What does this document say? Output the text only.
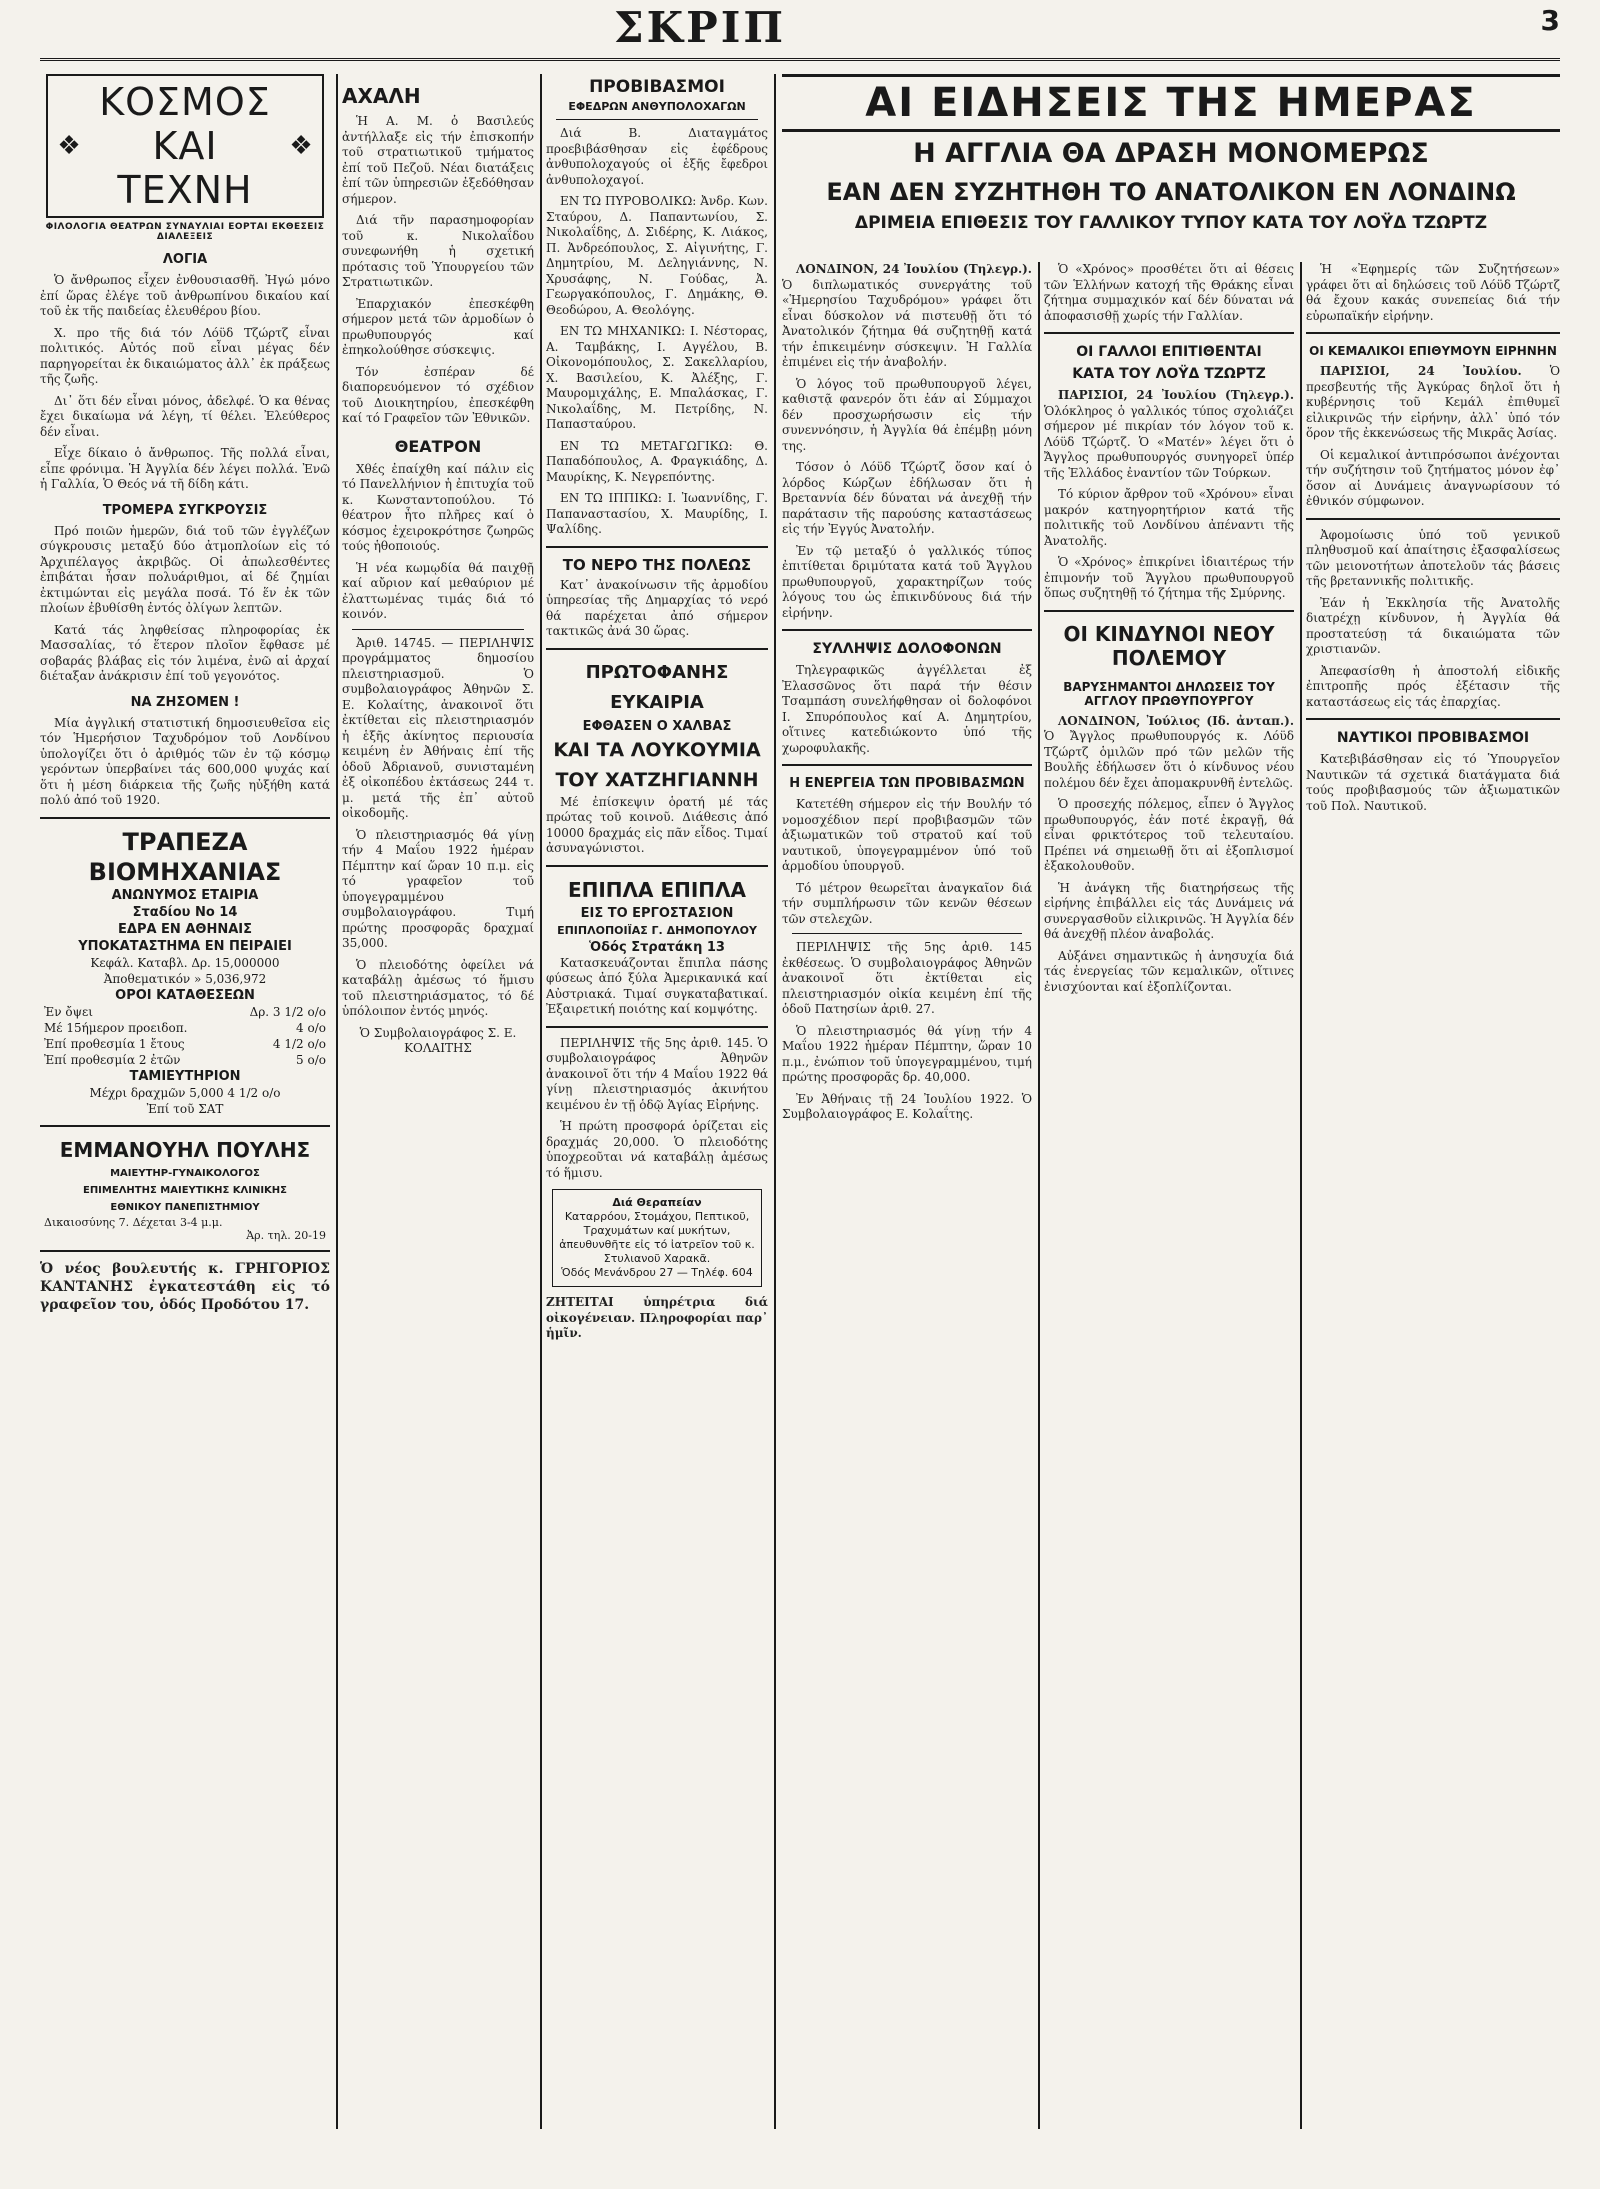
ΣΚΡΙΠ	3
❖
ΚΟΣΜΟΣ ΚΑΙ ΤΕΧΝΗ
❖
ΦΙΛΟΛΟΓΙΑ ΘΕΑΤΡΩΝ ΣΥΝΑΥΛΙΑΙ ΕΟΡΤΑΙ ΕΚΘΕΣΕΙΣ ΔΙΑΛΕΞΕΙΣ
ΛΟΓΙΑ

Ὁ ἄνθρωπος εἶχεν ἐνθουσιασθῆ. Ἠγώ μόνο ἐπί ὥρας ἐλέγε τοῦ ἀνθρωπίνου δικαίου καί τοῦ ἐκ τῆς παιδείας ἐλευθέρου βίου.

Χ. προ τῆς διά τόν Λόϋδ Τζώρτζ εἶναι πολιτικός. Αὐτός ποῦ εἶναι μέγας δέν παρηγορείται ἐκ δικαιώματος ἀλλ᾽ ἐκ πράξεως τῆς ζωῆς.

Δι᾽ ὅτι δέν εἶναι μόνος, ἀδελφέ. Ὁ κα θένας ἔχει δικαίωμα νά λέγη, τί θέλει. Ἐλεύθερος δέν εἶναι.

Εἶχε δίκαιο ὁ ἄνθρωπος. Τῆς πολλά εἶναι, εἶπε φρόνιμα. Ἡ Ἀγγλία δέν λέγει πολλά. Ἐνῶ ἡ Γαλλία, Ὁ Θεός νά τῆ δίδη κάτι.

ΤΡΟΜΕΡΑ ΣΥΓΚΡΟΥΣΙΣ

Πρό ποιῶν ἡμερῶν, διά τοῦ τῶν ἐγγλέζων σύγκρουσις μεταξύ δύο ἀτμοπλοίων εἰς τό Ἀρχιπέλαγος ἀκριβῶς. Οἱ ἀπωλεσθέντες ἐπιβάται ἦσαν πολυάριθμοι, αἱ δέ ζημίαι ἐκτιμώνται εἰς μεγάλα ποσά. Τό ἕν ἐκ τῶν πλοίων ἐβυθίσθη ἐντός ὀλίγων λεπτῶν.

Κατά τάς ληφθείσας πληροφορίας ἐκ Μασσαλίας, τό ἕτερον πλοῖον ἔφθασε μέ σοβαράς βλάβας εἰς τόν λιμένα, ἐνῶ αἱ ἀρχαί διέταξαν ἀνάκρισιν ἐπί τοῦ γεγονότος.

ΝΑ ΖΗΣΟΜΕΝ !

Μία ἀγγλική στατιστική δημοσιευθεῖσα εἰς τόν Ἡμερήσιον Ταχυδρόμον τοῦ Λονδίνου ὑπολογίζει ὅτι ὁ ἀριθμός τῶν ἐν τῷ κόσμῳ γερόντων ὑπερβαίνει τάς 600,000 ψυχάς καί ὅτι ἡ μέση διάρκεια τῆς ζωῆς ηὐξήθη κατά πολύ ἀπό τοῦ 1920.

ΤΡΑΠΕΖΑ ΒΙΟΜΗΧΑΝΙΑΣ
ΑΝΩΝΥΜΟΣ ΕΤΑΙΡΙΑ
Σταδίου Νο 14
ΕΔΡΑ ΕΝ ΑΘΗΝΑΙΣ
ΥΠΟΚΑΤΑΣΤΗΜΑ ΕΝ ΠΕΙΡΑΙΕΙ
Κεφάλ. Καταβλ. Δρ. 15,000000
Ἀποθεματικόν » 5,036,972
ΟΡΟΙ ΚΑΤΑΘΕΣΕΩΝ
Ἐν ὄψει	Δρ. 3 1/2 ο/ο
Μέ 15ήμερον προειδοπ.	4 ο/ο
Ἐπί προθεσμία 1 ἔτους	4 1/2 ο/ο
Ἐπί προθεσμία 2 ἐτῶν	5 ο/ο
ΤΑΜΙΕΥΤΗΡΙΟΝ
Μέχρι δραχμῶν 5,000 4 1/2 ο/ο
Ἐπί τοῦ ΣΑΤ
ΕΜΜΑΝΟΥΗΛ ΠΟΥΛΗΣ
ΜΑΙΕΥΤΗΡ-ΓΥΝΑΙΚΟΛΟΓΟΣ
ΕΠΙΜΕΛΗΤΗΣ ΜΑΙΕΥΤΙΚΗΣ ΚΛΙΝΙΚΗΣ
ΕΘΝΙΚΟΥ ΠΑΝΕΠΙΣΤΗΜΙΟΥ
Δικαιοσύνης 7. Δέχεται 3-4 μ.μ.
Ἀρ. τηλ. 20-19

Ὁ νέος βουλευτής κ. ΓΡΗΓΟΡΙΟΣ ΚΑΝΤΑΝΗΣ ἐγκατεστάθη εἰς τό γραφεῖον του, ὁδός Προδότου 17.

ΑΧΑΛΗ

Ἡ Α. Μ. ὁ Βασιλεύς ἀντήλλαξε εἰς τήν ἐπισκοπήν τοῦ στρατιωτικοῦ τμήματος ἐπί τοῦ Πεζοῦ. Νέαι διατάξεις ἐπί τῶν ὑπηρεσιῶν ἐξεδόθησαν σήμερον.

Διά τῆν παρασημοφορίαν τοῦ κ. Νικολαΐδου συνεφωνήθη ἡ σχετική πρότασις τοῦ Ὑπουργείου τῶν Στρατιωτικῶν.

Ἐπαρχιακόν ἐπεσκέφθη σήμερον μετά τῶν ἀρμοδίων ὁ πρωθυπουργός καί ἐπηκολούθησε σύσκεψις.

Τόν ἐσπέραν δέ διαπορευόμενον τό σχέδιον τοῦ Διοικητηρίου, ἐπεσκέφθη καί τό Γραφεῖον τῶν Ἐθνικῶν.

ΘΕΑΤΡΟΝ

Χθές ἐπαίχθη καί πάλιν εἰς τό Πανελλήνιον ἡ ἐπιτυχία τοῦ κ. Κωνσταντοπούλου. Τό θέατρον ἦτο πλῆρες καί ὁ κόσμος ἐχειροκρότησε ζωηρῶς τούς ἡθοποιούς.

Ἡ νέα κωμῳδία θά παιχθῇ καί αὔριον καί μεθαύριον μέ ἐλαττωμένας τιμάς διά τό κοινόν.

Ἀριθ. 14745. — ΠΕΡΙΛΗΨΙΣ προγράμματος δημοσίου πλειστηριασμοῦ. Ὁ συμβολαιογράφος Ἀθηνῶν Σ. Ε. Κολαίτης, ἀνακοινοῖ ὅτι ἐκτίθεται εἰς πλειστηριασμόν ἡ ἑξῆς ἀκίνητος περιουσία κειμένη ἐν Ἀθήναις ἐπί τῆς ὁδοῦ Ἀδριανοῦ, συνισταμένη ἐξ οἰκοπέδου ἐκτάσεως 244 τ. μ. μετά τῆς ἐπ᾽ αὐτοῦ οἰκοδομῆς.

Ὁ πλειστηριασμός θά γίνῃ τήν 4 Μαΐου 1922 ἡμέραν Πέμπτην καί ὥραν 10 π.μ. εἰς τό γραφεῖον τοῦ ὑπογεγραμμένου συμβολαιογράφου. Τιμή πρώτης προσφορᾶς δραχμαί 35,000.

Ὁ πλειοδότης ὀφείλει νά καταβάλῃ ἀμέσως τό ἥμισυ τοῦ πλειστηριάσματος, τό δέ ὑπόλοιπον ἐντός μηνός.

Ὁ Συμβολαιογράφος Σ. Ε. ΚΟΛΑΙΤΗΣ

ΠΡΟΒΙΒΑΣΜΟΙ
ΕΦΕΔΡΩΝ ΑΝΘΥΠΟΛΟΧΑΓΩΝ

Διά Β. Διαταγμάτος προεβιβάσθησαν εἰς ἐφέδρους ἀνθυπολοχαγούς οἱ ἑξῆς ἔφεδροι ἀνθυπολοχαγοί.

ΕΝ ΤΩ ΠΥΡΟΒΟΛΙΚΩ: Ἀνδρ. Κων. Σταύρου, Δ. Παπαντωνίου, Σ. Νικολαΐδης, Δ. Σιδέρης, Κ. Λιάκος, Π. Ἀνδρεόπουλος, Σ. Αἰγινήτης, Γ. Δημητρίου, Μ. Δεληγιάννης, Ν. Χρυσάφης, Ν. Γούδας, Ἀ. Γεωργακόπουλος, Γ. Δημάκης, Θ. Θεοδώρου, Α. Θεολόγης.

ΕΝ ΤΩ ΜΗΧΑΝΙΚΩ: Ι. Νέστορας, Α. Ταμβάκης, Ι. Αγγέλου, Β. Οἰκονομόπουλος, Σ. Σακελλαρίου, Χ. Βασιλείου, Κ. Ἀλέξης, Γ. Μαυρομιχάλης, Ε. Μπαλάσκας, Γ. Νικολαΐδης, Μ. Πετρίδης, Ν. Παπασταύρου.

ΕΝ ΤΩ ΜΕΤΑΓΩΓΙΚΩ: Θ. Παπαδόπουλος, Α. Φραγκιάδης, Δ. Μαυρίκης, Κ. Νεγρεπόντης.

ΕΝ ΤΩ ΙΠΠΙΚΩ: Ι. Ἰωαννίδης, Γ. Παπαναστασίου, Χ. Μαυρίδης, Ι. Ψαλίδης.

ΤΟ ΝΕΡΟ ΤΗΣ ΠΟΛΕΩΣ

Κατ᾽ ἀνακοίνωσιν τῆς ἀρμοδίου ὑπηρεσίας τῆς Δημαρχίας τό νερό θά παρέχεται ἀπό σήμερον τακτικῶς ἀνά 30 ὥρας.

ΠΡΩΤΟΦΑΝΗΣ ΕΥΚΑΙΡΙΑ
ΕΦΘΑΣΕΝ Ο ΧΑΛΒΑΣ
ΚΑΙ ΤΑ ΛΟΥΚΟΥΜΙΑ
ΤΟΥ ΧΑΤΖΗΓΙΑΝΝΗ

Μέ ἐπίσκεψιν ὁρατή μέ τάς πρώτας τοῦ κοινοῦ. Διάθεσις ἀπό 10000 δραχμάς εἰς πᾶν εἶδος. Τιμαί ἀσυναγώνιστοι.

ΕΠΙΠΛΑ ΕΠΙΠΛΑ
ΕΙΣ ΤΟ ΕΡΓΟΣΤΑΣΙΟΝ
ΕΠΙΠΛΟΠΟΙΪΑΣ Γ. ΔΗΜΟΠΟΥΛΟΥ
Ὁδός Στρατάκη 13

Κατασκευάζονται ἔπιπλα πάσης φύσεως ἀπό ξύλα Ἀμερικανικά καί Αὐστριακά. Τιμαί συγκαταβατικαί. Ἐξαιρετική ποιότης καί κομψότης.

ΠΕΡΙΛΗΨΙΣ τῆς 5ης ἀριθ. 145. Ὁ συμβολαιογράφος Ἀθηνῶν ἀνακοινοῖ ὅτι τήν 4 Μαΐου 1922 θά γίνῃ πλειστηριασμός ἀκινήτου κειμένου ἐν τῇ ὁδῷ Ἁγίας Εἰρήνης.

Ἡ πρώτη προσφορά ὁρίζεται εἰς δραχμάς 20,000. Ὁ πλειοδότης ὑποχρεοῦται νά καταβάλῃ ἀμέσως τό ἥμισυ.

Διά Θεραπείαν
Καταρρόου, Στομάχου, Πεπτικοῦ, Τραχυμάτων καί μυκήτων, ἀπευθυνθῆτε εἰς τό ἰατρεῖον τοῦ κ. Στυλιανοῦ Χαρακᾶ.
Ὁδός Μενάνδρου 27 — Τηλέφ. 604

ΖΗΤΕΙΤΑΙ ὑπηρέτρια διά οἰκογένειαν. Πληροφορίαι παρ᾽ ἡμῖν.

ΑΙ ΕΙΔΗΣΕΙΣ ΤΗΣ ΗΜΕΡΑΣ
Η ΑΓΓΛΙΑ ΘΑ ΔΡΑΣΗ ΜΟΝΟΜΕΡΩΣ
ΕΑΝ ΔΕΝ ΣΥΖΗΤΗΘΗ ΤΟ ΑΝΑΤΟΛΙΚΟΝ ΕΝ ΛΟΝΔΙΝΩ
ΔΡΙΜΕΙΑ ΕΠΙΘΕΣΙΣ ΤΟΥ ΓΑΛΛΙΚΟΥ ΤΥΠΟΥ ΚΑΤΑ ΤΟΥ ΛΟΫΔ ΤΖΩΡΤΖ

ΛΟΝΔΙΝΟΝ, 24 Ἰουλίου (Τηλεγρ.). Ὁ διπλωματικός συνεργάτης τοῦ «Ἡμερησίου Ταχυδρόμου» γράφει ὅτι εἶναι δύσκολον νά πιστευθῇ ὅτι τό Ἀνατολικόν ζήτημα θά συζητηθῇ κατά τήν ἐπικειμένην σύσκεψιν. Ἡ Γαλλία ἐπιμένει εἰς τήν ἀναβολήν.

Ὁ λόγος τοῦ πρωθυπουργοῦ λέγει, καθιστᾷ φανερόν ὅτι ἐάν αἱ Σύμμαχοι δέν προσχωρήσωσιν εἰς τήν συνεννόησιν, ἡ Ἀγγλία θά ἐπέμβῃ μόνη της.

Τόσον ὁ Λόϋδ Τζώρτζ ὅσον καί ὁ λόρδος Κώρζων ἐδήλωσαν ὅτι ἡ Βρεταννία δέν δύναται νά ἀνεχθῇ τήν παράτασιν τῆς παρούσης καταστάσεως εἰς τήν Ἐγγύς Ἀνατολήν.

Ἐν τῷ μεταξύ ὁ γαλλικός τύπος ἐπιτίθεται δριμύτατα κατά τοῦ Ἄγγλου πρωθυπουργοῦ, χαρακτηρίζων τούς λόγους του ὡς ἐπικινδύνους διά τήν εἰρήνην.

ΣΥΛΛΗΨΙΣ ΔΟΛΟΦΟΝΩΝ

Τηλεγραφικῶς ἀγγέλλεται ἐξ Ἐλασσῶνος ὅτι παρά τήν θέσιν Τσαμπάση συνελήφθησαν οἱ δολοφόνοι Ι. Σπυρόπουλος καί Α. Δημητρίου, οἵτινες κατεδιώκοντο ὑπό τῆς χωροφυλακῆς.

Η ΕΝΕΡΓΕΙΑ ΤΩΝ ΠΡΟΒΙΒΑΣΜΩΝ

Κατετέθη σήμερον εἰς τήν Βουλήν τό νομοσχέδιον περί προβιβασμῶν τῶν ἀξιωματικῶν τοῦ στρατοῦ καί τοῦ ναυτικοῦ, ὑπογεγραμμένον ὑπό τοῦ ἁρμοδίου ὑπουργοῦ.

Τό μέτρον θεωρεῖται ἀναγκαῖον διά τήν συμπλήρωσιν τῶν κενῶν θέσεων τῶν στελεχῶν.

ΠΕΡΙΛΗΨΙΣ τῆς 5ης ἀριθ. 145 ἐκθέσεως. Ὁ συμβολαιογράφος Ἀθηνῶν ἀνακοινοῖ ὅτι ἐκτίθεται εἰς πλειστηριασμόν οἰκία κειμένη ἐπί τῆς ὁδοῦ Πατησίων ἀριθ. 27.

Ὁ πλειστηριασμός θά γίνῃ τήν 4 Μαΐου 1922 ἡμέραν Πέμπτην, ὥραν 10 π.μ., ἐνώπιον τοῦ ὑπογεγραμμένου, τιμή πρώτης προσφορᾶς δρ. 40,000.

Ἐν Ἀθήναις τῇ 24 Ἰουλίου 1922. Ὁ Συμβολαιογράφος Ε. Κολαΐτης.

Ὁ «Χρόνος» προσθέτει ὅτι αἱ θέσεις τῶν Ἑλλήνων κατοχή τῆς Θράκης εἶναι ζήτημα συμμαχικόν καί δέν δύναται νά ἀποφασισθῇ χωρίς τήν Γαλλίαν.

ΟΙ ΓΑΛΛΟΙ ΕΠΙΤΙΘΕΝΤΑΙ
ΚΑΤΑ ΤΟΥ ΛΟΫΔ ΤΖΩΡΤΖ

ΠΑΡΙΣΙΟΙ, 24 Ἰουλίου (Τηλεγρ.). Ὁλόκληρος ὁ γαλλικός τύπος σχολιάζει σήμερον μέ πικρίαν τόν λόγον τοῦ κ. Λόϋδ Τζώρτζ. Ὁ «Ματέν» λέγει ὅτι ὁ Ἄγγλος πρωθυπουργός συνηγορεῖ ὑπέρ τῆς Ἑλλάδος ἐναντίον τῶν Τούρκων.

Τό κύριον ἄρθρον τοῦ «Χρόνου» εἶναι μακρόν κατηγορητήριον κατά τῆς πολιτικῆς τοῦ Λονδίνου ἀπέναντι τῆς Ἀνατολῆς.

Ὁ «Χρόνος» ἐπικρίνει ἰδιαιτέρως τήν ἐπιμονήν τοῦ Ἄγγλου πρωθυπουργοῦ ὅπως συζητηθῇ τό ζήτημα τῆς Σμύρνης.

ΟΙ ΚΙΝΔΥΝΟΙ ΝΕΟΥ ΠΟΛΕΜΟΥ
ΒΑΡΥΣΗΜΑΝΤΟΙ ΔΗΛΩΣΕΙΣ ΤΟΥ ΑΓΓΛΟΥ ΠΡΩΘΥΠΟΥΡΓΟΥ

ΛΟΝΔΙΝΟΝ, Ἰούλιος (Ιδ. ἀνταπ.). Ὁ Ἄγγλος πρωθυπουργός κ. Λόϋδ Τζώρτζ ὁμιλῶν πρό τῶν μελῶν τῆς Βουλῆς ἐδήλωσεν ὅτι ὁ κίνδυνος νέου πολέμου δέν ἔχει ἀπομακρυνθῆ ἐντελῶς.

Ὁ προσεχής πόλεμος, εἶπεν ὁ Ἄγγλος πρωθυπουργός, ἐάν ποτέ ἐκραγῇ, θά εἶναι φρικτότερος τοῦ τελευταίου. Πρέπει νά σημειωθῇ ὅτι αἱ ἐξοπλισμοί ἐξακολουθοῦν.

Ἡ ἀνάγκη τῆς διατηρήσεως τῆς εἰρήνης ἐπιβάλλει εἰς τάς Δυνάμεις νά συνεργασθοῦν εἰλικρινῶς. Ἡ Ἀγγλία δέν θά ἀνεχθῇ πλέον ἀναβολάς.

Αὐξάνει σημαντικῶς ἡ ἀνησυχία διά τάς ἐνεργείας τῶν κεμαλικῶν, οἵτινες ἐνισχύονται καί ἐξοπλίζονται.

Ἡ «Ἐφημερίς τῶν Συζητήσεων» γράφει ὅτι αἱ δηλώσεις τοῦ Λόϋδ Τζώρτζ θά ἔχουν κακάς συνεπείας διά τήν εὐρωπαϊκήν εἰρήνην.

ΟΙ ΚΕΜΑΛΙΚΟΙ ΕΠΙΘΥΜΟΥΝ ΕΙΡΗΝΗΝ

ΠΑΡΙΣΙΟΙ, 24 Ἰουλίου. Ὁ πρεσβευτής τῆς Ἀγκύρας δηλοῖ ὅτι ἡ κυβέρνησις τοῦ Κεμάλ ἐπιθυμεῖ εἰλικρινῶς τήν εἰρήνην, ἀλλ᾽ ὑπό τόν ὅρον τῆς ἐκκενώσεως τῆς Μικρᾶς Ἀσίας.

Οἱ κεμαλικοί ἀντιπρόσωποι ἀνέχονται τήν συζήτησιν τοῦ ζητήματος μόνον ἐφ᾽ ὅσον αἱ Δυνάμεις ἀναγνωρίσουν τό ἐθνικόν σύμφωνον.

Ἀφομοίωσις ὑπό τοῦ γενικοῦ πληθυσμοῦ καί ἀπαίτησις ἐξασφαλίσεως τῶν μειονοτήτων ἀποτελοῦν τάς βάσεις τῆς βρεταννικῆς πολιτικῆς.

Ἐάν ἡ Ἐκκλησία τῆς Ἀνατολῆς διατρέχῃ κίνδυνον, ἡ Ἀγγλία θά προστατεύσῃ τά δικαιώματα τῶν χριστιανῶν.

Ἀπεφασίσθη ἡ ἀποστολή εἰδικῆς ἐπιτροπῆς πρός ἐξέτασιν τῆς καταστάσεως εἰς τάς ἐπαρχίας.

ΝΑΥΤΙΚΟΙ ΠΡΟΒΙΒΑΣΜΟΙ

Κατεβιβάσθησαν εἰς τό Ὑπουργεῖον Ναυτικῶν τά σχετικά διατάγματα διά τούς προβιβασμούς τῶν ἀξιωματικῶν τοῦ Πολ. Ναυτικοῦ.
